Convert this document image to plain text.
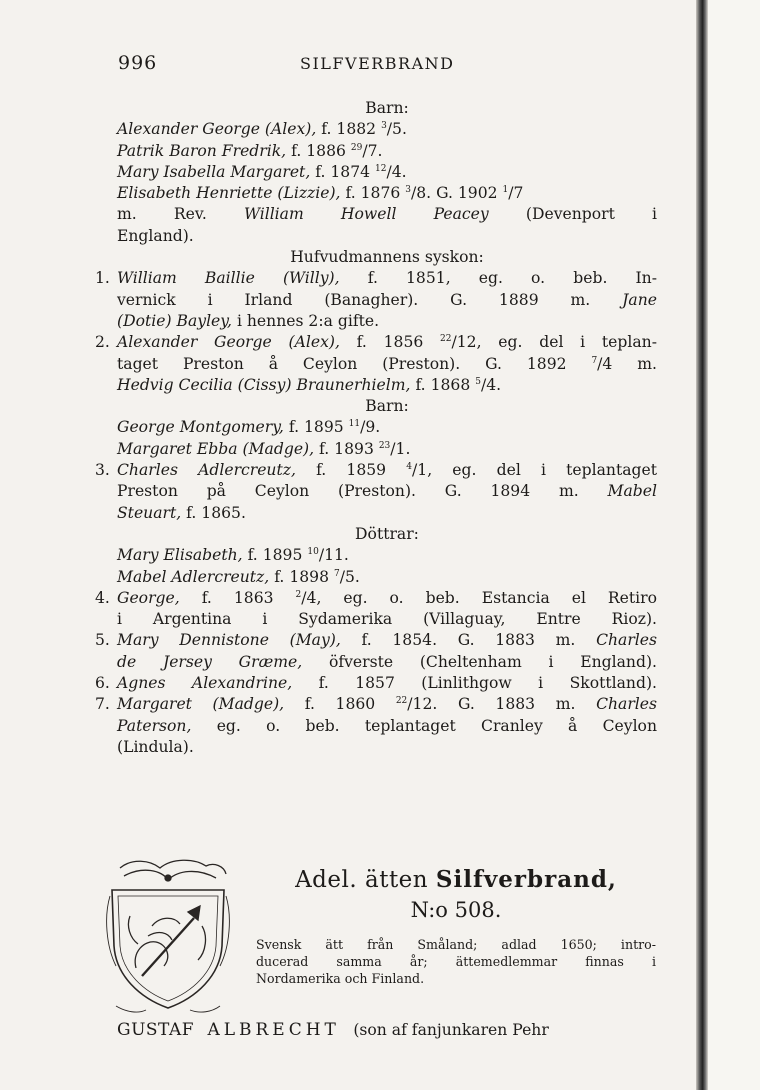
996	SILFVERBRAND
Barn:
Alexander George (Alex), f. 1882 $^3$/5.
Patrik Baron Fredrik, f. 1886 $^{29}$/7.
Mary Isabella Margaret, f. 1874 $^{12}$/4.
Elisabeth Henriette (Lizzie), f. 1876 $^3$/8. G. 1902 $^1$/7
m. Rev. William Howell Peacey (Devenport i
England).
Hufvudmannens syskon:
1. William Baillie (Willy), f. 1851, eg. o. beb. In-
vernick i Irland (Banagher). G. 1889 m. Jane
(Dotie) Bayley, i hennes 2:a gifte.
2. Alexander George (Alex), f. 1856 $^{22}$/12, eg. del i teplan-
taget Preston å Ceylon (Preston). G. 1892 $^7$/4 m.
Hedvig Cecilia (Cissy) Braunerhielm, f. 1868 $^5$/4.
Barn:
George Montgomery, f. 1895 $^{11}$/9.
Margaret Ebba (Madge), f. 1893 $^{23}$/1.
3. Charles Adlercreutz, f. 1859 $^4$/1, eg. del i teplantaget
Preston på Ceylon (Preston). G. 1894 m. Mabel
Steuart, f. 1865.
Döttrar:
Mary Elisabeth, f. 1895 $^{10}$/11.
Mabel Adlercreutz, f. 1898 $^7$/5.
4. George, f. 1863 $^2$/4, eg. o. beb. Estancia el Retiro
i Argentina i Sydamerika (Villaguay, Entre Rioz).
5. Mary Dennistone (May), f. 1854. G. 1883 m. Charles
de Jersey Græme, öfverste (Cheltenham i England).
6. Agnes Alexandrine, f. 1857 (Linlithgow i Skottland).
7. Margaret (Madge), f. 1860 $^{22}$/12. G. 1883 m. Charles
Paterson, eg. o. beb. teplantaget Cranley å Ceylon
(Lindula).
Adel. ätten Silfverbrand,
N:o 508.
Svensk ätt från Småland; adlad 1650; intro-
ducerad samma år; ättemedlemmar finnas i
Nordamerika och Finland.
GUSTAF ALBRECHT (son af fanjunkaren Pehr
